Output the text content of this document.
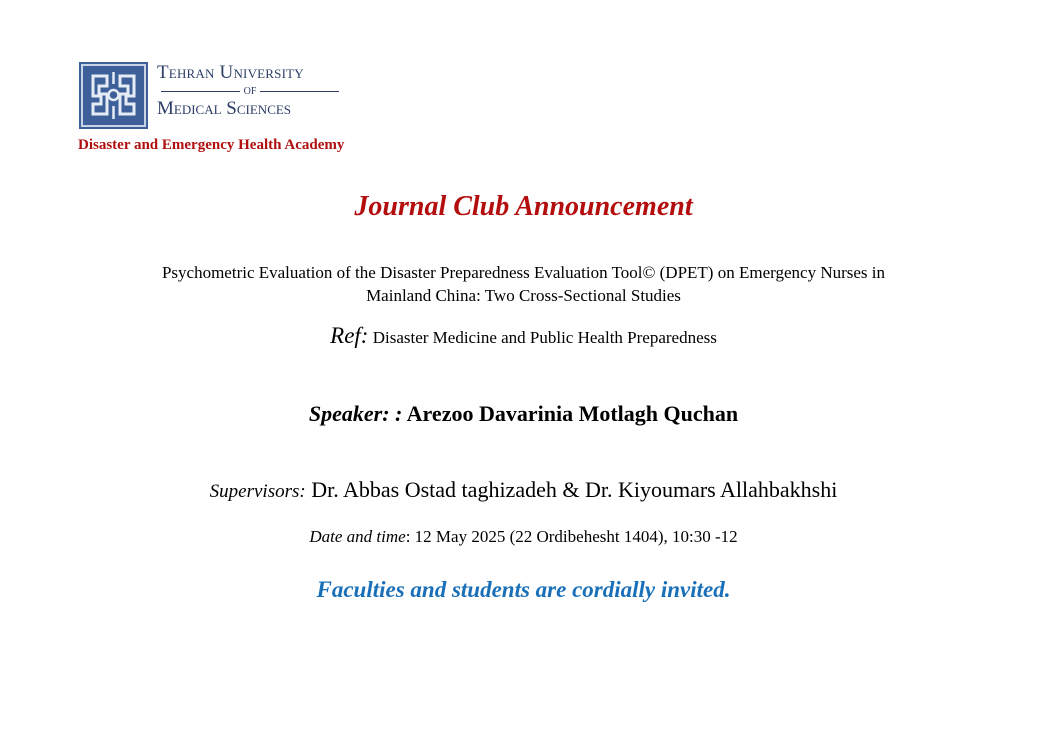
Tehran University
of
Medical Sciences
Disaster and Emergency Health Academy
Journal Club Announcement
Psychometric Evaluation of the Disaster Preparedness Evaluation Tool© (DPET) on Emergency Nurses in
Mainland China: Two Cross-Sectional Studies
Ref: Disaster Medicine and Public Health Preparedness
Speaker: : Arezoo Davarinia Motlagh Quchan
Supervisors: Dr. Abbas Ostad taghizadeh & Dr. Kiyoumars Allahbakhshi
Date and time: 12 May 2025 (22 Ordibehesht 1404), 10:30 -12
Faculties and students are cordially invited.
